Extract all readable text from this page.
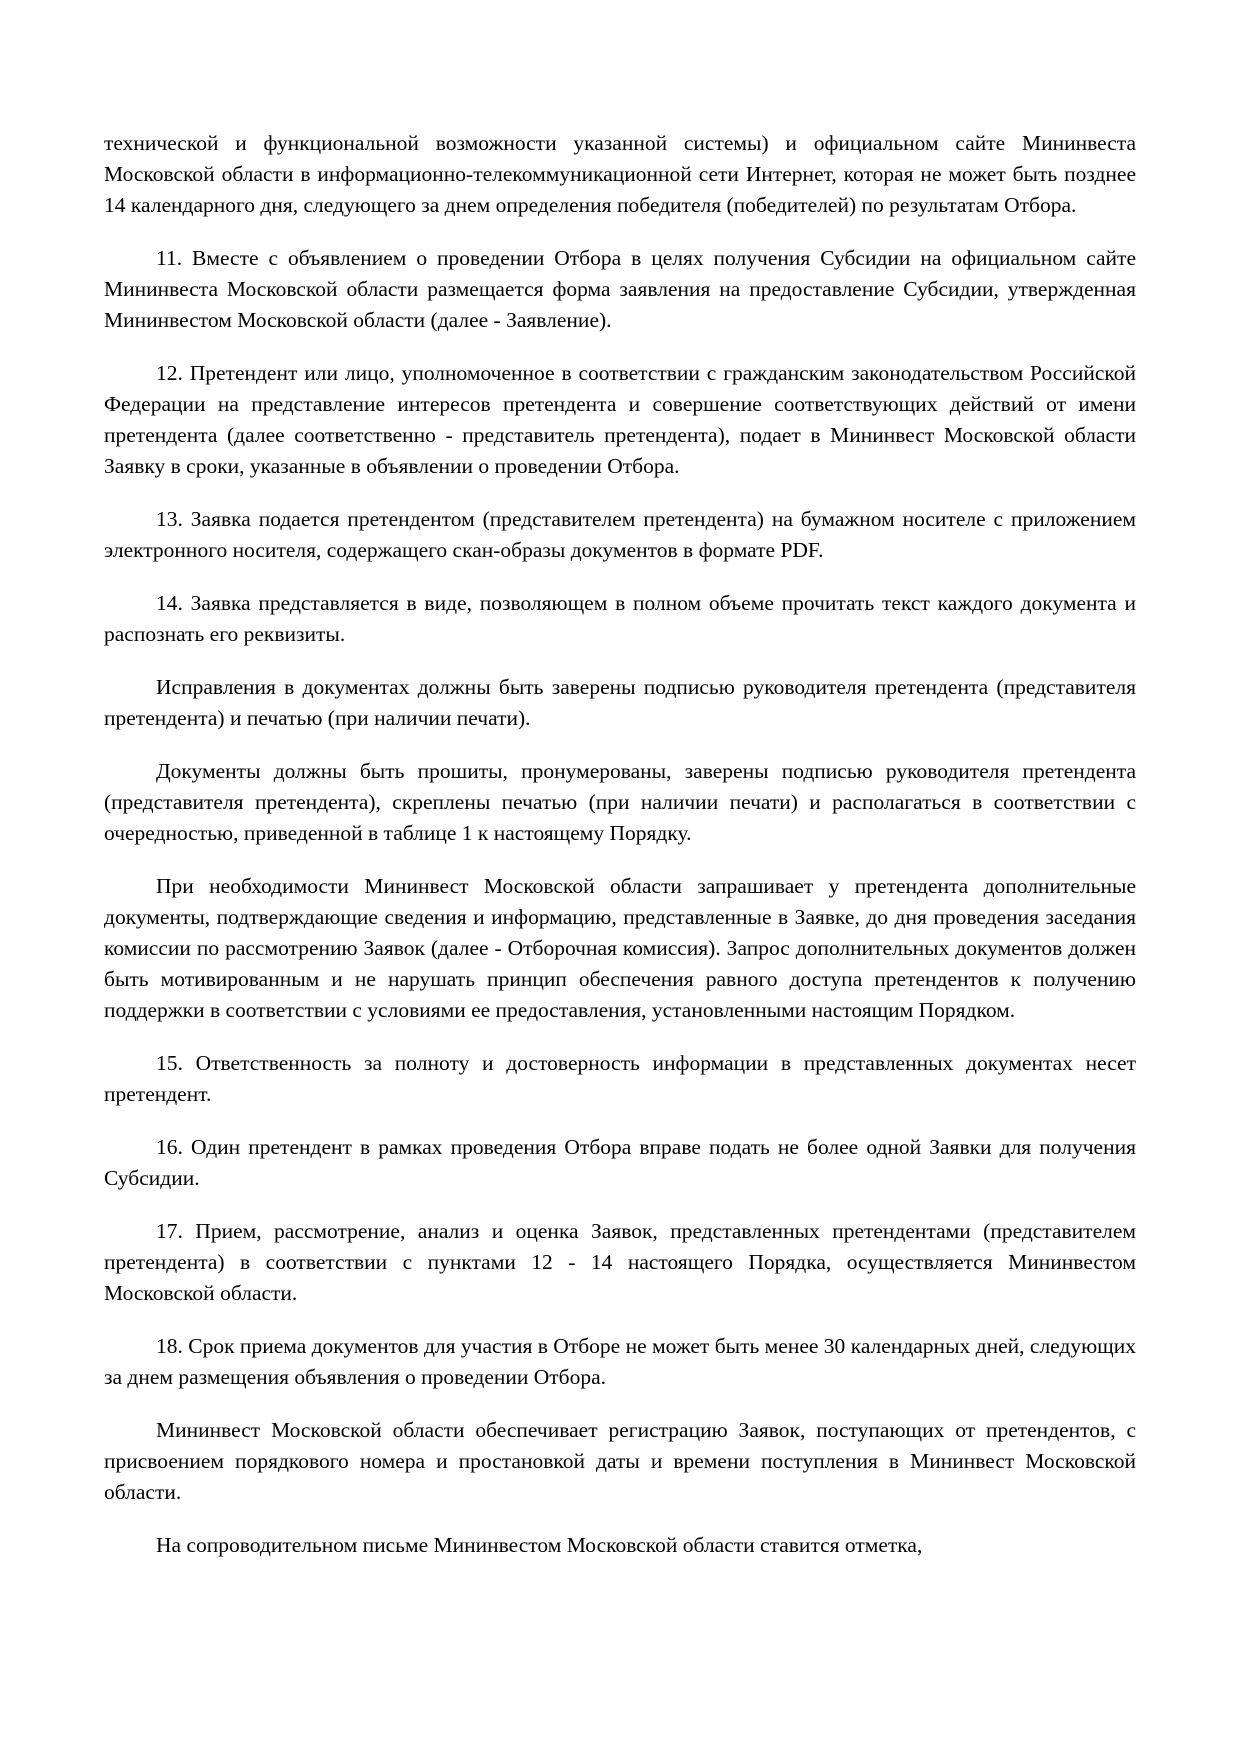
технической и функциональной возможности указанной системы) и официальном сайте Мининвеста Московской области в информационно-телекоммуникационной сети Интернет, которая не может быть позднее 14 календарного дня, следующего за днем определения победителя (победителей) по результатам Отбора.

11. Вместе с объявлением о проведении Отбора в целях получения Субсидии на официальном сайте Мининвеста Московской области размещается форма заявления на предоставление Субсидии, утвержденная Мининвестом Московской области (далее - Заявление).

12. Претендент или лицо, уполномоченное в соответствии с гражданским законодательством Российской Федерации на представление интересов претендента и совершение соответствующих действий от имени претендента (далее соответственно - представитель претендента), подает в Мининвест Московской области Заявку в сроки, указанные в объявлении о проведении Отбора.

13. Заявка подается претендентом (представителем претендента) на бумажном носителе с приложением электронного носителя, содержащего скан-образы документов в формате PDF.

14. Заявка представляется в виде, позволяющем в полном объеме прочитать текст каждого документа и распознать его реквизиты.

Исправления в документах должны быть заверены подписью руководителя претендента (представителя претендента) и печатью (при наличии печати).

Документы должны быть прошиты, пронумерованы, заверены подписью руководителя претендента (представителя претендента), скреплены печатью (при наличии печати) и располагаться в соответствии с очередностью, приведенной в таблице 1 к настоящему Порядку.

При необходимости Мининвест Московской области запрашивает у претендента дополнительные документы, подтверждающие сведения и информацию, представленные в Заявке, до дня проведения заседания комиссии по рассмотрению Заявок (далее - Отборочная комиссия). Запрос дополнительных документов должен быть мотивированным и не нарушать принцип обеспечения равного доступа претендентов к получению поддержки в соответствии с условиями ее предоставления, установленными настоящим Порядком.

15. Ответственность за полноту и достоверность информации в представленных документах несет претендент.

16. Один претендент в рамках проведения Отбора вправе подать не более одной Заявки для получения Субсидии.

17. Прием, рассмотрение, анализ и оценка Заявок, представленных претендентами (представителем претендента) в соответствии с пунктами 12 - 14 настоящего Порядка, осуществляется Мининвестом Московской области.

18. Срок приема документов для участия в Отборе не может быть менее 30 календарных дней, следующих за днем размещения объявления о проведении Отбора.

Мининвест Московской области обеспечивает регистрацию Заявок, поступающих от претендентов, с присвоением порядкового номера и простановкой даты и времени поступления в Мининвест Московской области.

На сопроводительном письме Мининвестом Московской области ставится отметка,
